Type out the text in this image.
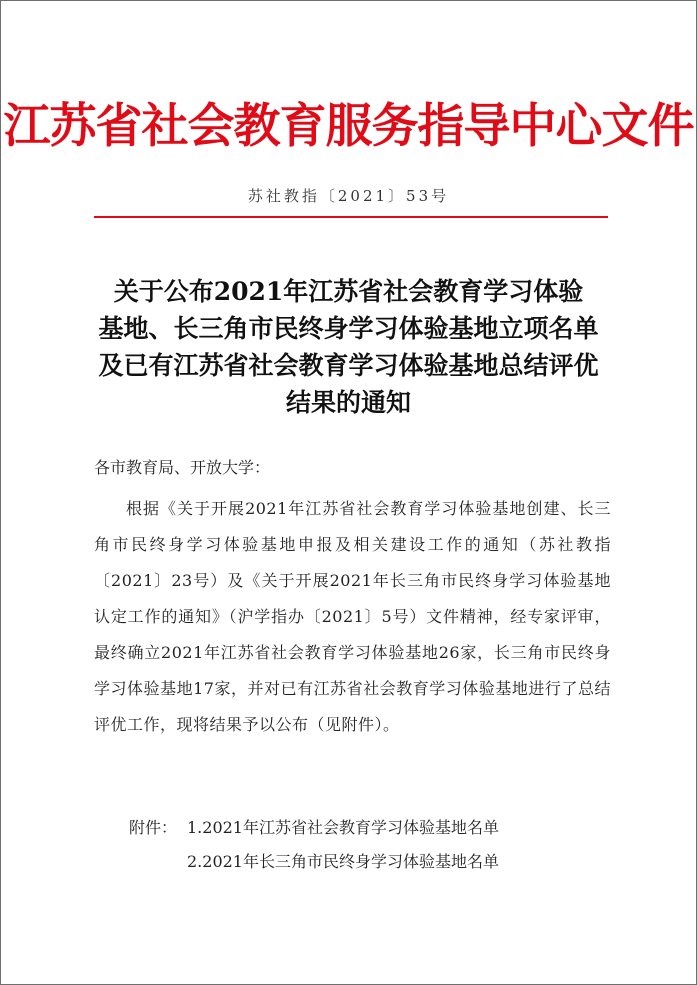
江苏省社会教育服务指导中心文件
苏社教指〔2021〕53号
关于公布2021年江苏省社会教育学习体验
基地、长三角市民终身学习体验基地立项名单
及已有江苏省社会教育学习体验基地总结评优
结果的通知
各市教育局、开放大学：
根据《关于开展2021年江苏省社会教育学习体验基地创建、长三角市民终身学习体验基地申报及相关建设工作的通知（苏社教指〔2021〕23号）及《关于开展2021年长三角市民终身学习体验基地认定工作的通知》（沪学指办〔2021〕5号）文件精神，经专家评审，最终确立2021年江苏省社会教育学习体验基地26家，长三角市民终身学习体验基地17家，并对已有江苏省社会教育学习体验基地进行了总结评优工作，现将结果予以公布（见附件）。
附件： 1.2021年江苏省社会教育学习体验基地名单
2.2021年长三角市民终身学习体验基地名单
